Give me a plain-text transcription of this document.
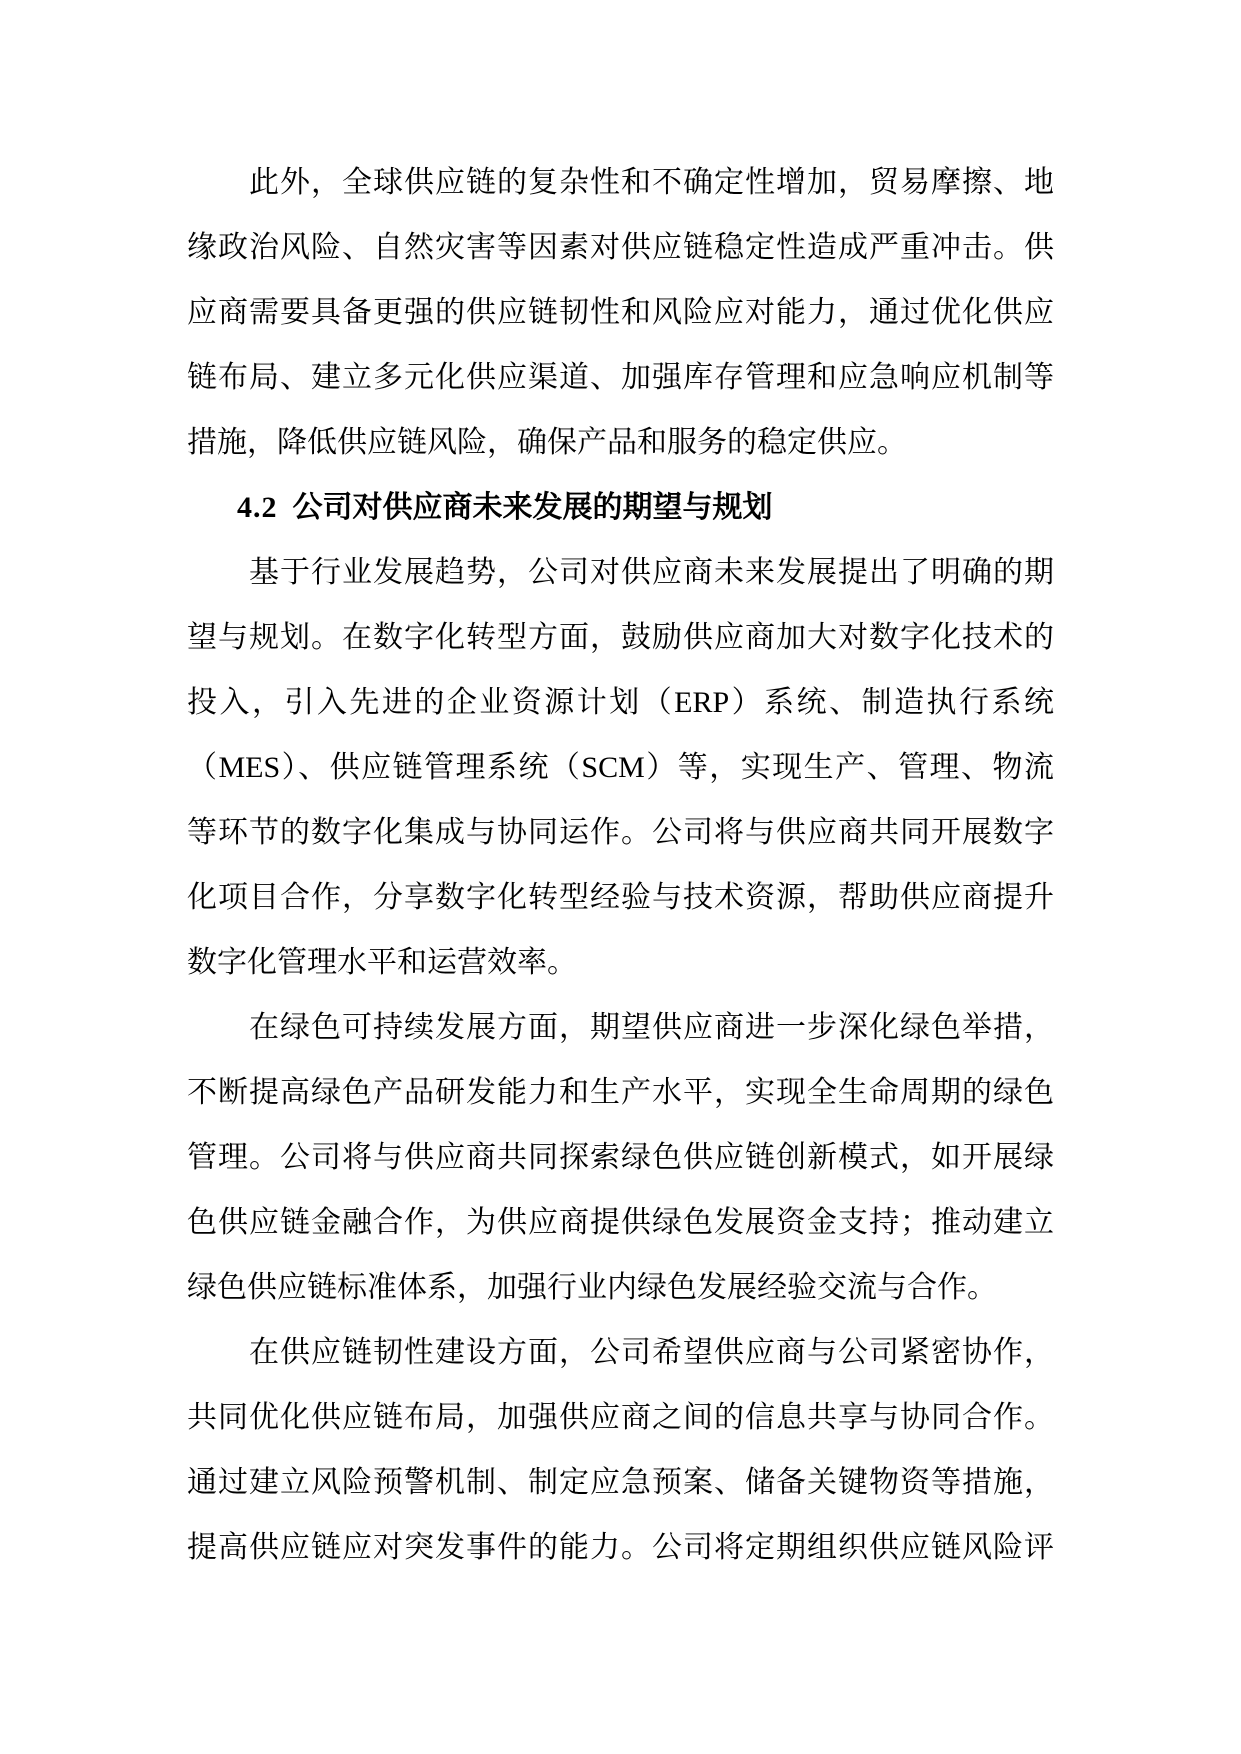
此外，全球供应链的复杂性和不确定性增加，贸易摩擦、地
缘政治风险、自然灾害等因素对供应链稳定性造成严重冲击。供
应商需要具备更强的供应链韧性和风险应对能力，通过优化供应
链布局、建立多元化供应渠道、加强库存管理和应急响应机制等
措施，降低供应链风险，确保产品和服务的稳定供应。
4.2 公司对供应商未来发展的期望与规划
基于行业发展趋势，公司对供应商未来发展提出了明确的期
望与规划。在数字化转型方面，鼓励供应商加大对数字化技术的
投入，引入先进的企业资源计划（ERP）系统、制造执行系统
（MES）、供应链管理系统（SCM）等，实现生产、管理、物流
等环节的数字化集成与协同运作。公司将与供应商共同开展数字
化项目合作，分享数字化转型经验与技术资源，帮助供应商提升
数字化管理水平和运营效率。
在绿色可持续发展方面，期望供应商进一步深化绿色举措，
不断提高绿色产品研发能力和生产水平，实现全生命周期的绿色
管理。公司将与供应商共同探索绿色供应链创新模式，如开展绿
色供应链金融合作，为供应商提供绿色发展资金支持；推动建立
绿色供应链标准体系，加强行业内绿色发展经验交流与合作。
在供应链韧性建设方面，公司希望供应商与公司紧密协作，
共同优化供应链布局，加强供应商之间的信息共享与协同合作。
通过建立风险预警机制、制定应急预案、储备关键物资等措施，
提高供应链应对突发事件的能力。公司将定期组织供应链风险评
